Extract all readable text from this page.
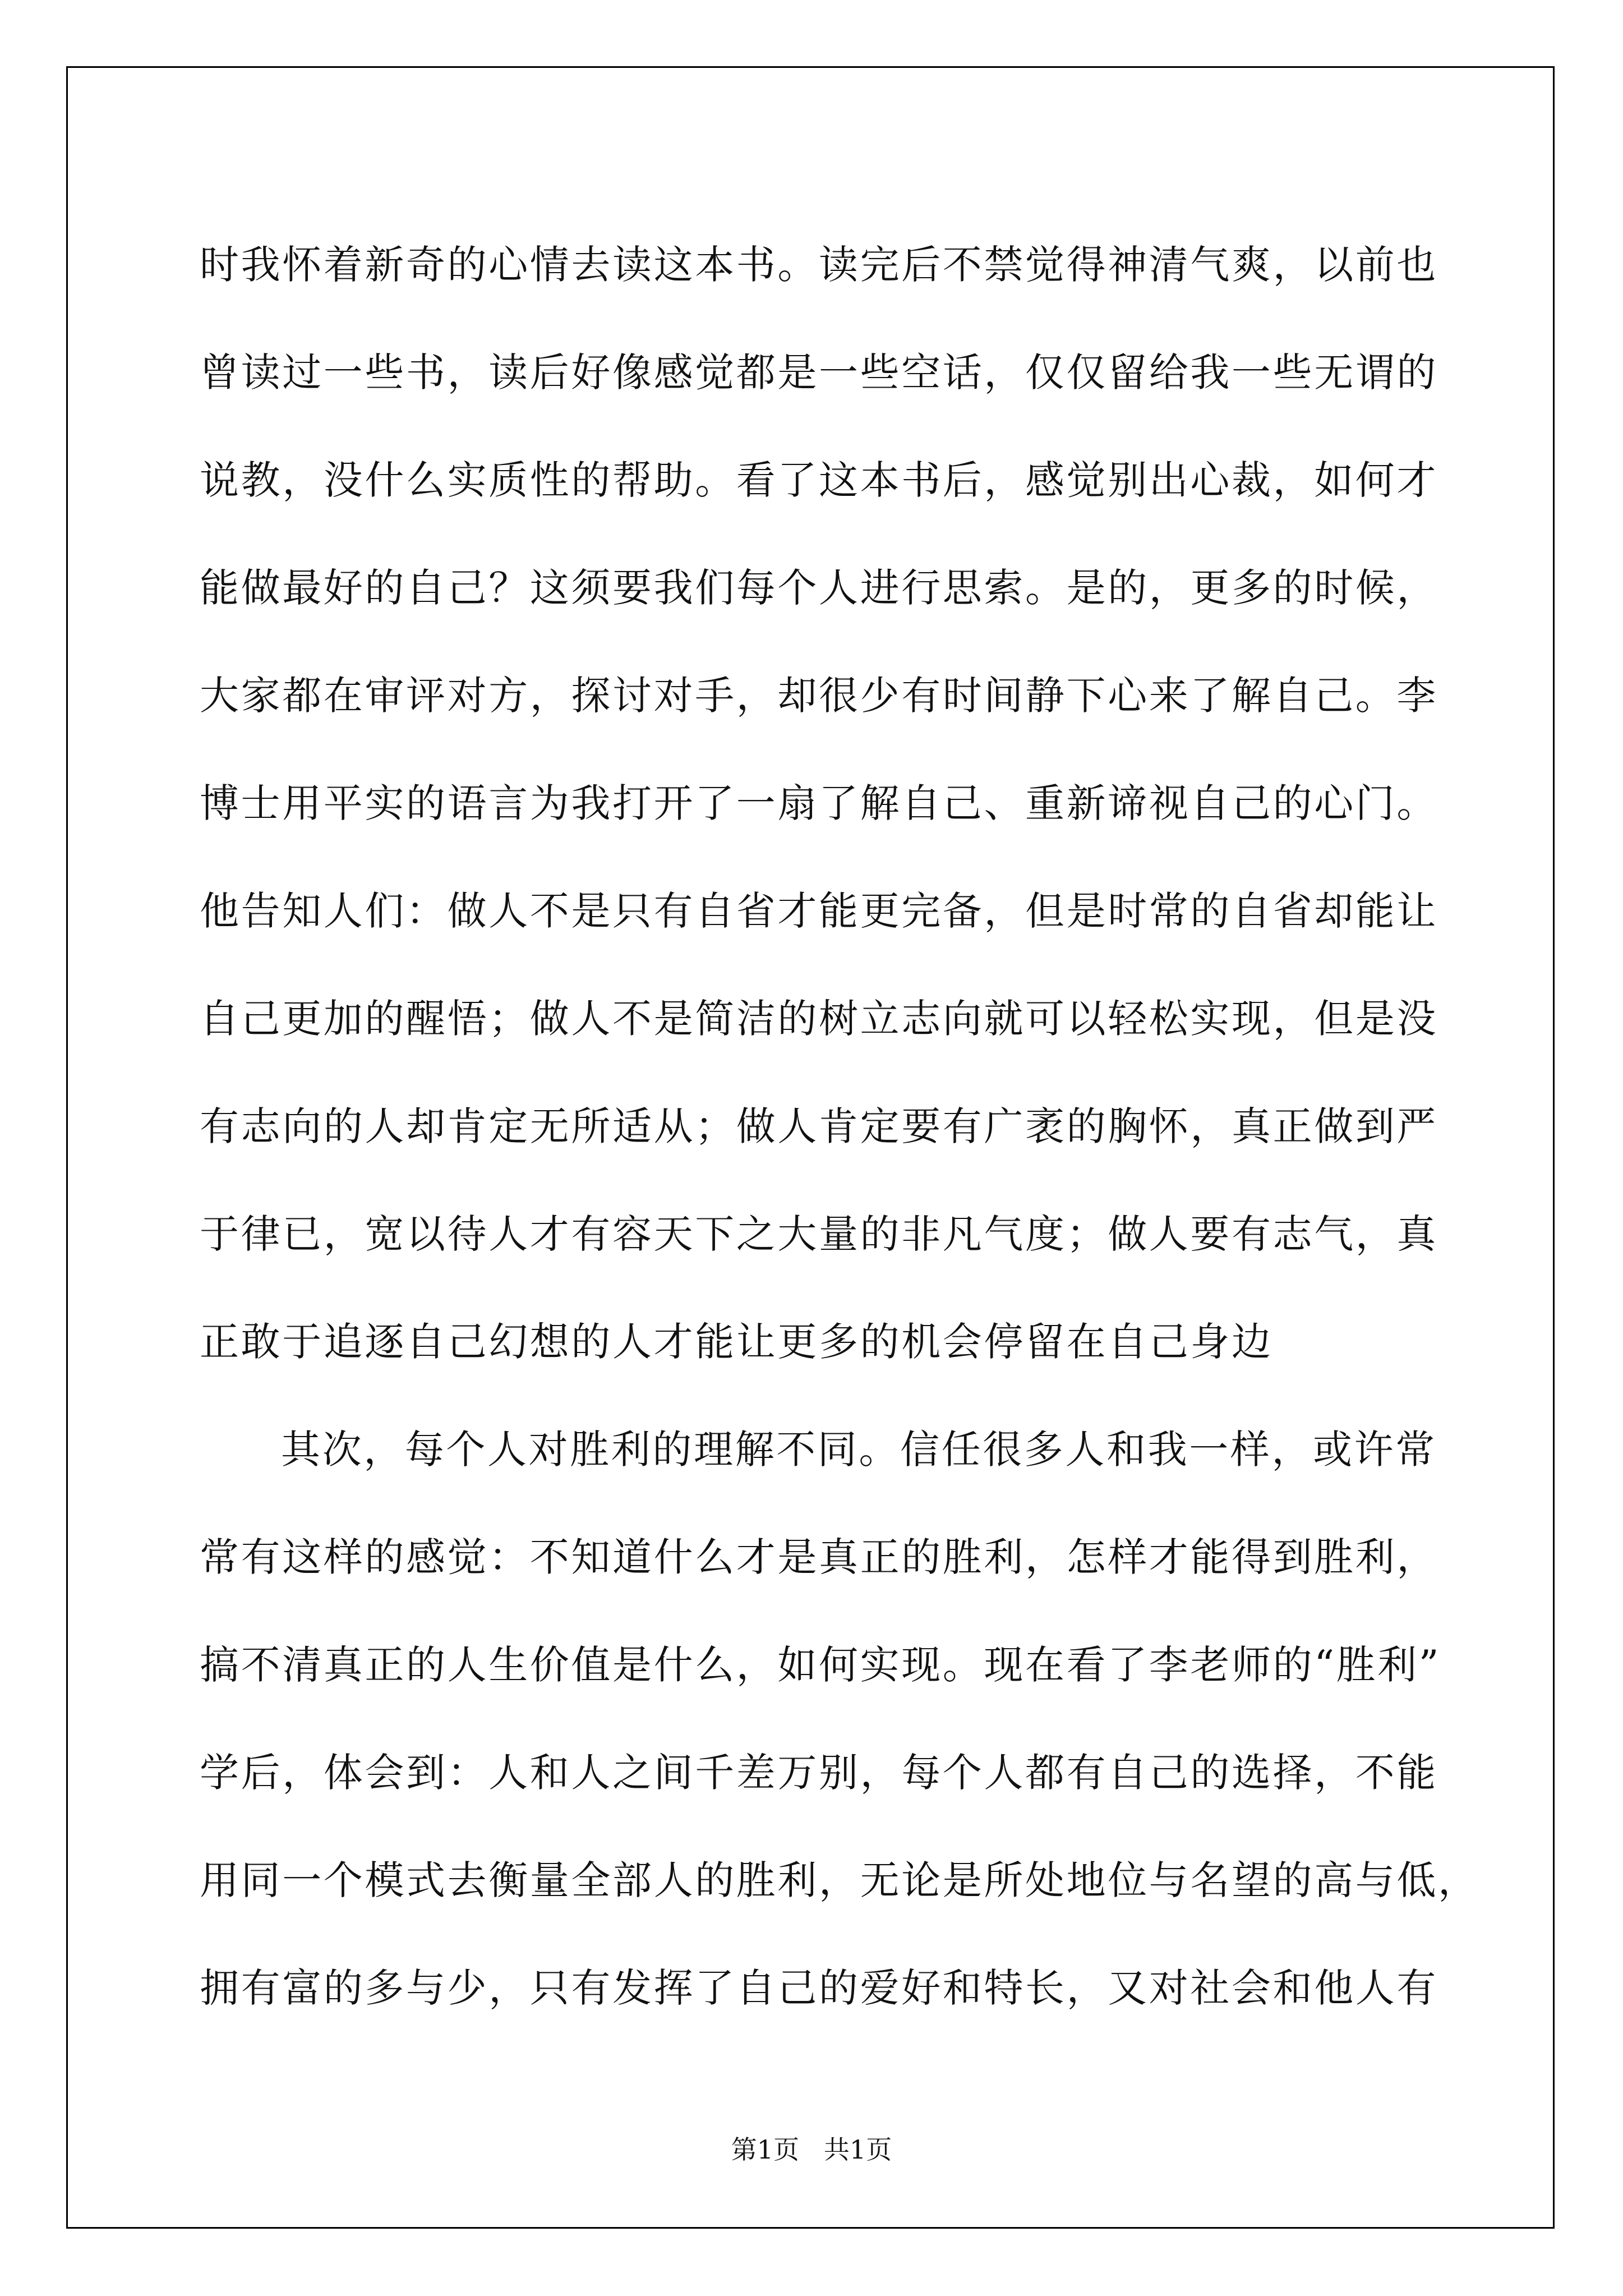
时我怀着新奇的心情去读这本书。读完后不禁觉得神清气爽，以前也
曾读过一些书，读后好像感觉都是一些空话，仅仅留给我一些无谓的
说教，没什么实质性的帮助。看了这本书后，感觉别出心裁，如何才
能做最好的自己？这须要我们每个人进行思索。是的，更多的时候，
大家都在审评对方，探讨对手，却很少有时间静下心来了解自己。李
博士用平实的语言为我打开了一扇了解自己、重新谛视自己的心门。
他告知人们：做人不是只有自省才能更完备，但是时常的自省却能让
自己更加的醒悟；做人不是简洁的树立志向就可以轻松实现，但是没
有志向的人却肯定无所适从；做人肯定要有广袤的胸怀，真正做到严
于律已，宽以待人才有容天下之大量的非凡气度；做人要有志气，真
正敢于追逐自己幻想的人才能让更多的机会停留在自己身边
其次，每个人对胜利的理解不同。信任很多人和我一样，或许常
常有这样的感觉：不知道什么才是真正的胜利，怎样才能得到胜利，
搞不清真正的人生价值是什么，如何实现。现在看了李老师的“胜利”
学后，体会到：人和人之间千差万别，每个人都有自己的选择，不能
用同一个模式去衡量全部人的胜利，无论是所处地位与名望的高与低，
拥有富的多与少，只有发挥了自己的爱好和特长，又对社会和他人有
第1页   共1页
